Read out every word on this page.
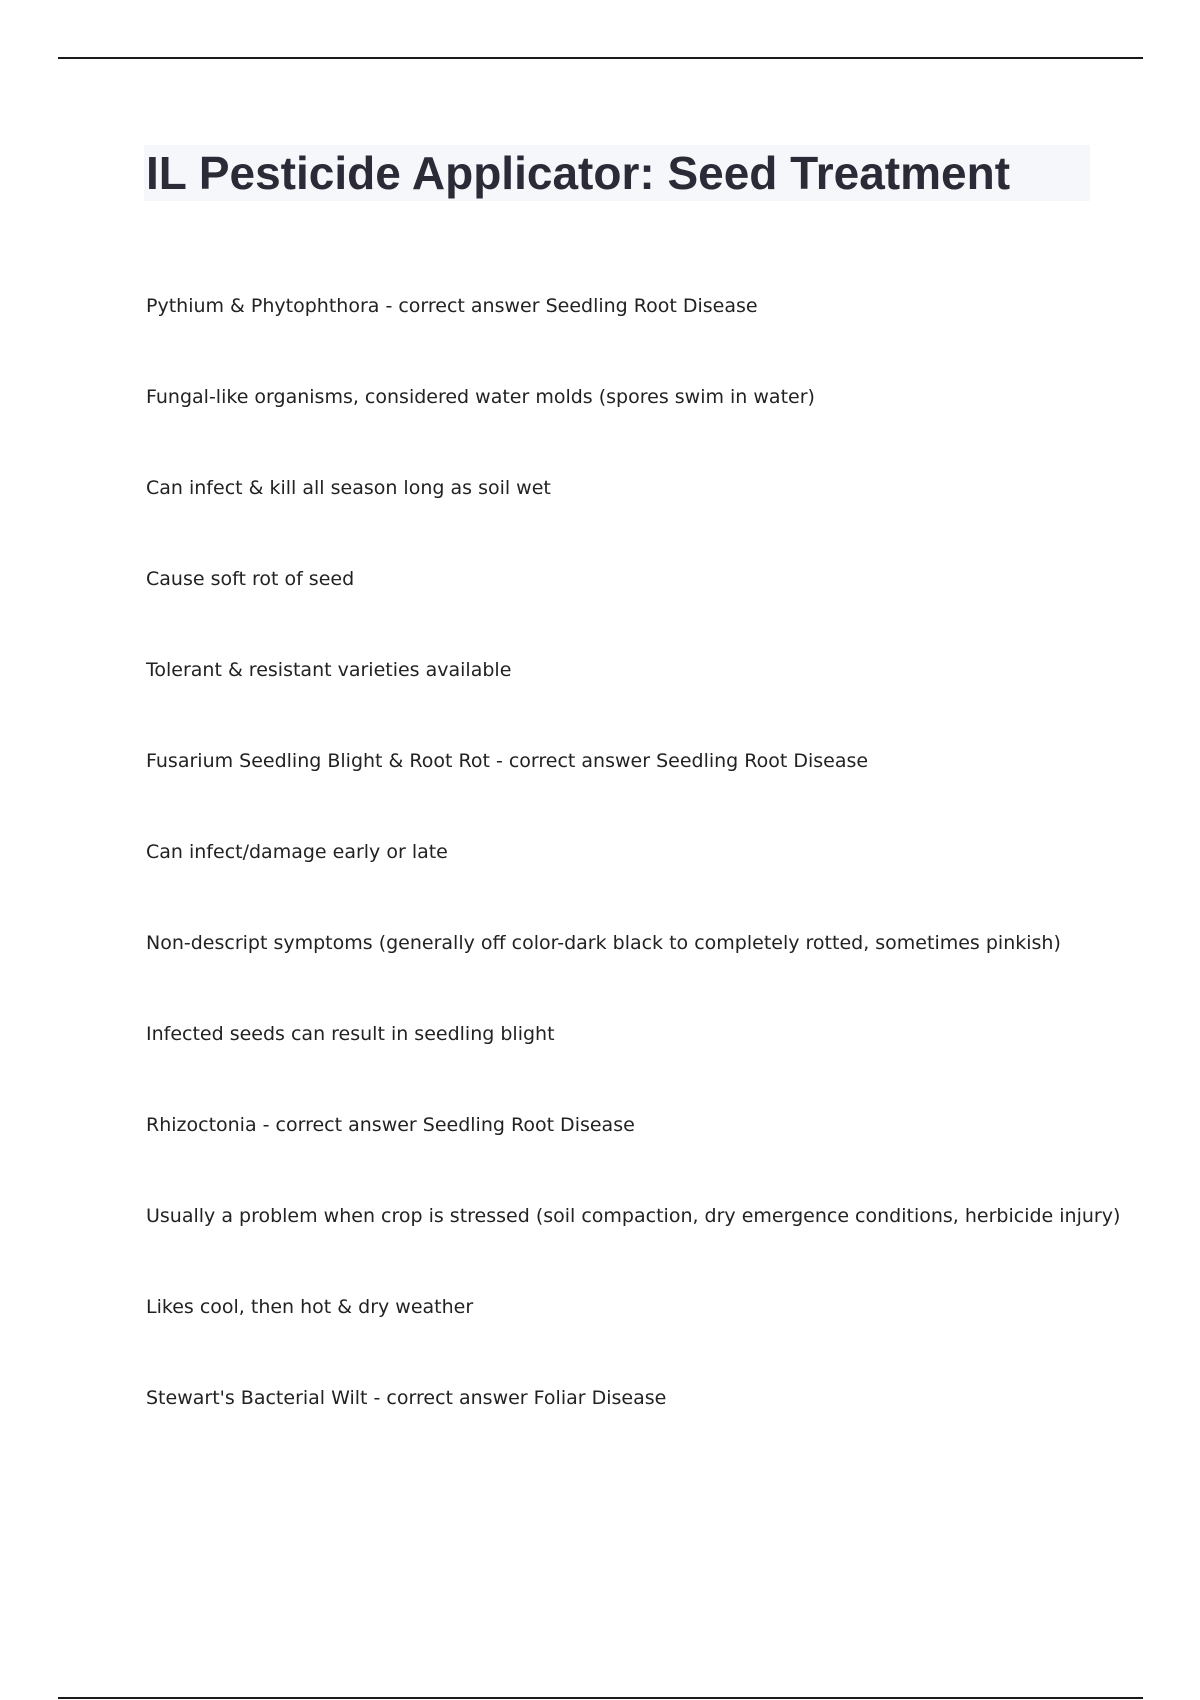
IL Pesticide Applicator: Seed Treatment
Pythium & Phytophthora - correct answer Seedling Root Disease
Fungal-like organisms, considered water molds (spores swim in water)
Can infect & kill all season long as soil wet
Cause soft rot of seed
Tolerant & resistant varieties available
Fusarium Seedling Blight & Root Rot - correct answer Seedling Root Disease
Can infect/damage early or late
Non-descript symptoms (generally off color-dark black to completely rotted, sometimes pinkish)
Infected seeds can result in seedling blight
Rhizoctonia - correct answer Seedling Root Disease
Usually a problem when crop is stressed (soil compaction, dry emergence conditions, herbicide injury)
Likes cool, then hot & dry weather
Stewart's Bacterial Wilt - correct answer Foliar Disease
